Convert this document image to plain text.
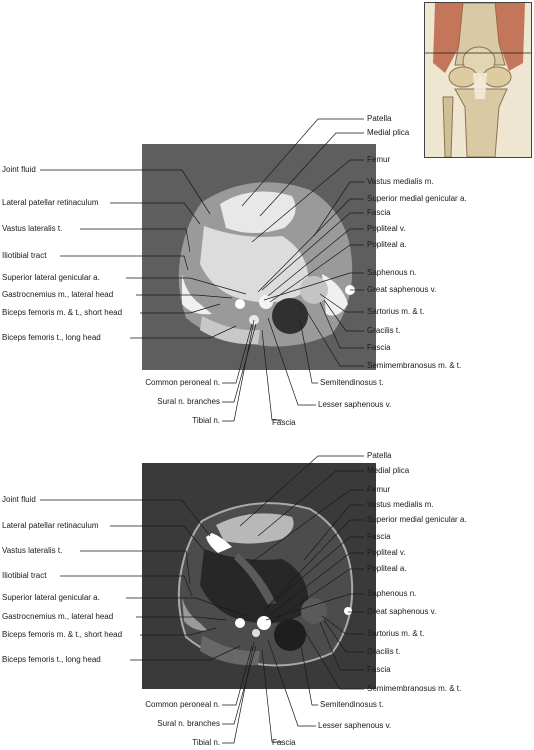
Joint fluid
Lateral patellar retinaculum
Vastus lateralis t.
Iliotibial tract
Superior lateral genicular a.
Gastrocnemius m., lateral head
Biceps femoris m. & t., short head
Biceps femoris t., long head
Patella
Medial plica
Femur
Vastus medialis m.
Superior medial genicular a.
Fascia
Popliteal v.
Popliteal a.
Saphenous n.
Great saphenous v.
Sartorius m. & t.
Gracilis t.
Fascia
Semimembranosus m. & t.
Common peroneal n.
Sural n. branches
Tibial n.	Fascia
Lesser saphenous v.
Semitendinosus t.
Joint fluid
Lateral patellar retinaculum
Vastus lateralis t.
Iliotibial tract
Superior lateral genicular a.
Gastrocnemius m., lateral head
Biceps femoris m. & t., short head
Biceps femoris t., long head
Patella
Medial plica
Femur
Vastus medialis m.
Superior medial genicular a.
Fascia
Popliteal v.
Popliteal a.
Saphenous n.
Great saphenous v.
Sartorius m. & t.
Gracilis t.
Fascia
Semimembranosus m. & t.
Common peroneal n.
Sural n. branches
Tibial n.	Fascia
Lesser saphenous v.
Semitendinosus t.
